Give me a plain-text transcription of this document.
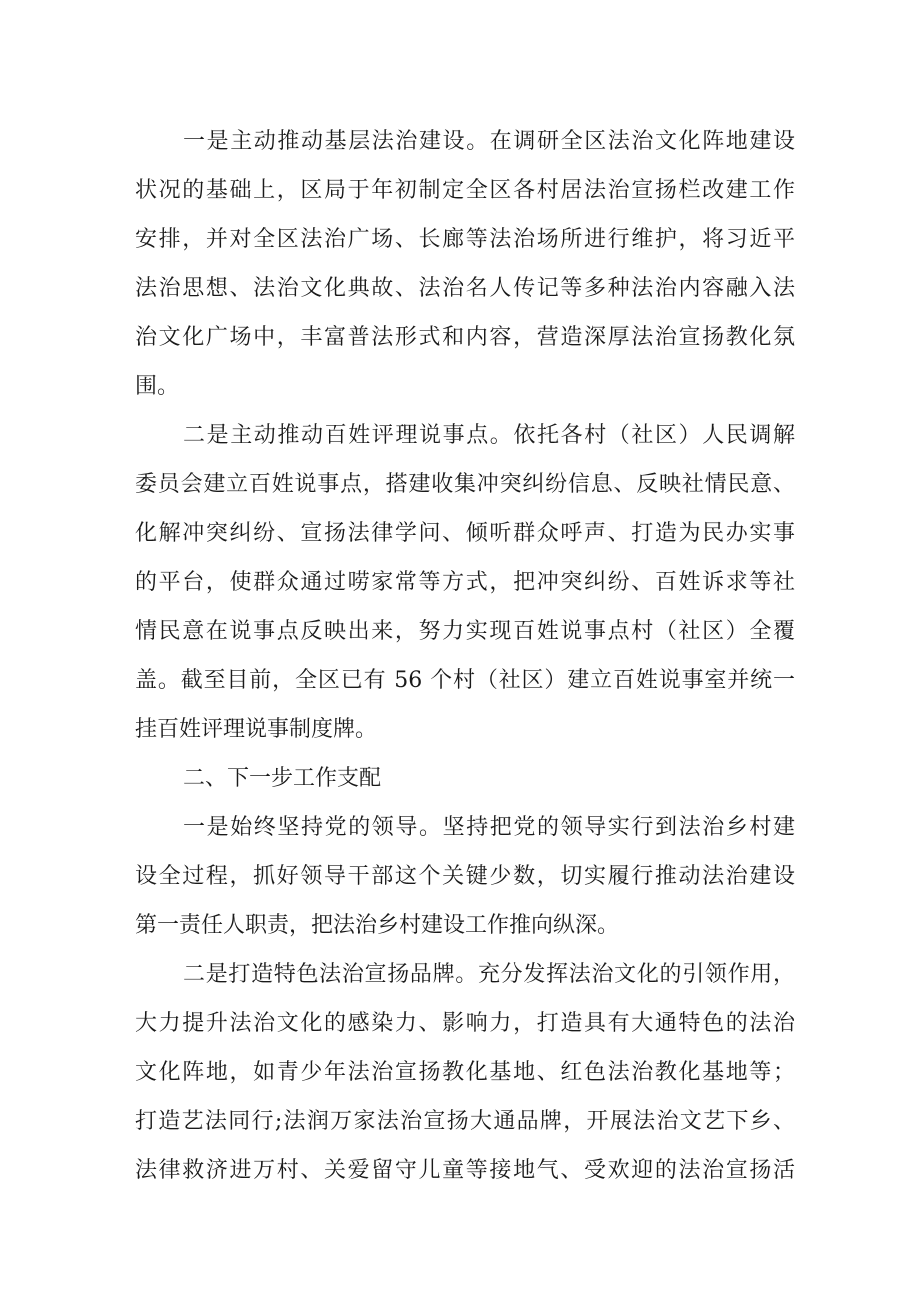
一是主动推动基层法治建设。在调研全区法治文化阵地建设
状况的基础上，区局于年初制定全区各村居法治宣扬栏改建工作
安排，并对全区法治广场、长廊等法治场所进行维护，将习近平
法治思想、法治文化典故、法治名人传记等多种法治内容融入法
治文化广场中，丰富普法形式和内容，营造深厚法治宣扬教化氛
围。
二是主动推动百姓评理说事点。依托各村（社区）人民调解
委员会建立百姓说事点，搭建收集冲突纠纷信息、反映社情民意、
化解冲突纠纷、宣扬法律学问、倾听群众呼声、打造为民办实事
的平台，使群众通过唠家常等方式，把冲突纠纷、百姓诉求等社
情民意在说事点反映出来，努力实现百姓说事点村（社区）全覆
盖。截至目前，全区已有 56 个村（社区）建立百姓说事室并统一
挂百姓评理说事制度牌。
二、下一步工作支配
一是始终坚持党的领导。坚持把党的领导实行到法治乡村建
设全过程，抓好领导干部这个关键少数，切实履行推动法治建设
第一责任人职责，把法治乡村建设工作推向纵深。
二是打造特色法治宣扬品牌。充分发挥法治文化的引领作用，
大力提升法治文化的感染力、影响力，打造具有大通特色的法治
文化阵地，如青少年法治宣扬教化基地、红色法治教化基地等；
打造艺法同行;法润万家法治宣扬大通品牌，开展法治文艺下乡、
法律救济进万村、关爱留守儿童等接地气、受欢迎的法治宣扬活
